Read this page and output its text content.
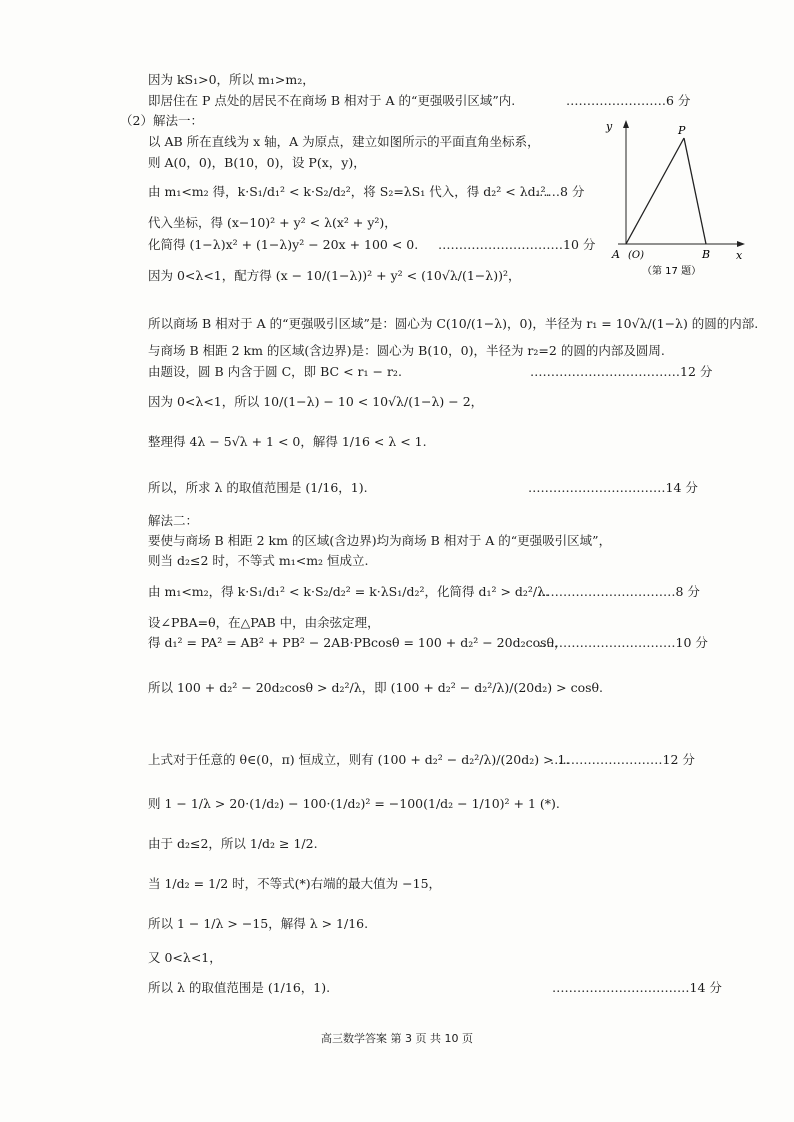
因为 kS₁>0，所以 m₁>m₂，
即居住在 P 点处的居民不在商场 B 相对于 A 的“更强吸引区域”内.	……………………6 分
（2）解法一：
以 AB 所在直线为 x 轴，A 为原点，建立如图所示的平面直角坐标系，
则 A(0，0)，B(10，0)，设 P(x，y)，
由 m₁<m₂ 得，k·S₁/d₁² < k·S₂/d₂²，将 S₂=λS₁ 代入，得 d₂² < λd₁².
……8 分
代入坐标，得 (x−10)² + y² < λ(x² + y²)，
化简得 (1−λ)x² + (1−λ)y² − 20x + 100 < 0. …………………………10 分
因为 0<λ<1，配方得 (x − 10/(1−λ))² + y² < (10√λ/(1−λ))²，
所以商场 B 相对于 A 的“更强吸引区域”是：圆心为 C(10/(1−λ)，0)，半径为 r₁ = 10√λ/(1−λ) 的圆的内部.
与商场 B 相距 2 km 的区域(含边界)是：圆心为 B(10，0)，半径为 r₂=2 的圆的内部及圆周.
由题设，圆 B 内含于圆 C，即 BC < r₁ − r₂.	………………………………12 分
因为 0<λ<1，所以 10/(1−λ) − 10 < 10√λ/(1−λ) − 2，
整理得 4λ − 5√λ + 1 < 0，解得 1/16 < λ < 1.
所以，所求 λ 的取值范围是 (1/16，1).	……………………………14 分
解法二：
要使与商场 B 相距 2 km 的区域(含边界)均为商场 B 相对于 A 的“更强吸引区域”，
则当 d₂≤2 时，不等式 m₁<m₂ 恒成立.
由 m₁<m₂，得 k·S₁/d₁² < k·S₂/d₂² = k·λS₁/d₂²，化简得 d₁² > d₂²/λ.
……………………………8 分
设∠PBA=θ，在△PAB 中，由余弦定理，
得 d₁² = PA² = AB² + PB² − 2AB·PBcosθ = 100 + d₂² − 20d₂cosθ，
……………………………10 分
所以 100 + d₂² − 20d₂cosθ > d₂²/λ，即 (100 + d₂² − d₂²/λ)/(20d₂) > cosθ.
上式对于任意的 θ∈(0，π) 恒成立，则有 (100 + d₂² − d₂²/λ)/(20d₂) > 1.
………………………12 分
则 1 − 1/λ > 20·(1/d₂) − 100·(1/d₂)² = −100(1/d₂ − 1/10)² + 1 (*).
由于 d₂≤2，所以 1/d₂ ≥ 1/2.
当 1/d₂ = 1/2 时，不等式(*)右端的最大值为 −15，
所以 1 − 1/λ > −15，解得 λ > 1/16.
又 0<λ<1，
所以 λ 的取值范围是 (1/16，1).	……………………………14 分
y
x
P
A (O)	B
（第 17 题）
高三数学答案 第 3 页 共 10 页
